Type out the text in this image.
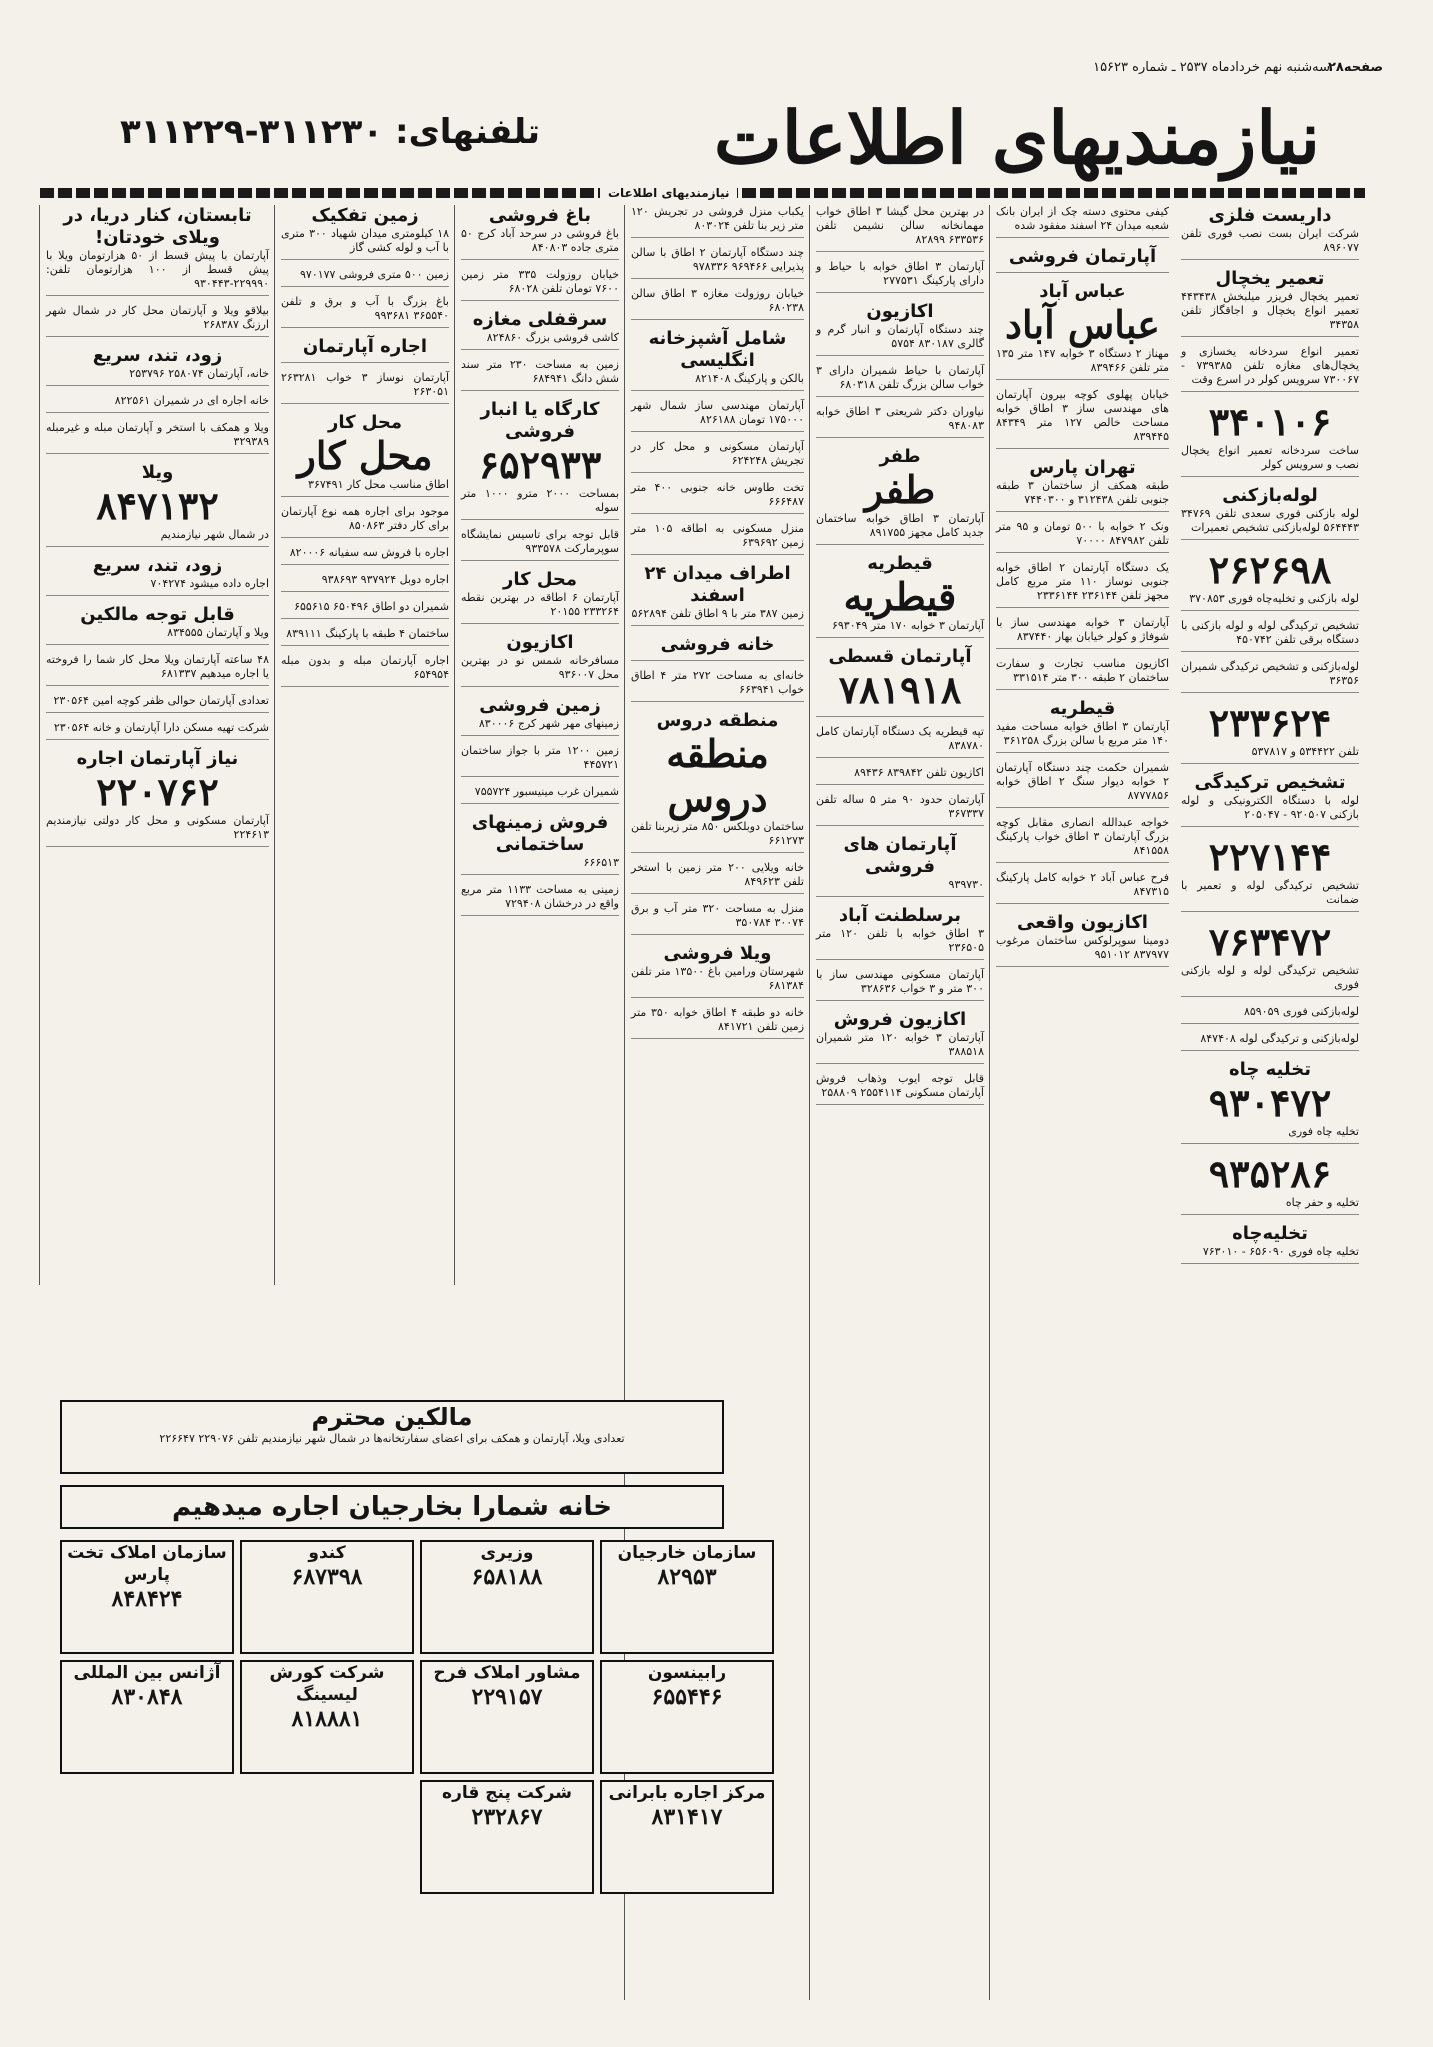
صفحه۲۸
سه‌شنبه نهم خردادماه ۲۵۳۷ ـ شماره ۱۵۶۲۳
نیازمندیهای اطلاعات
تلفنهای: ۳۱۱۲۳۰-۳۱۱۲۲۹
نیازمندیهای اطلاعات
داریست فلزی
شرکت ایران بست نصب فوری تلفن ۸۹۶۰۷۷
تعمیر یخچال
تعمیر یخچال فریزر میلبخش ۴۴۳۴۳۸ تعمیر انواع یخچال و اجاقگاز تلفن ۳۴۳۵۸
تعمیر انواع سردخانه یخسازی و یخچال‌های مغازه تلفن ۷۳۹۳۸۵ - ۷۳۰۰۶۷ سرویس کولر در اسرع وقت
۳۴۰۱۰۶
ساخت سردخانه تعمیر انواع یخچال نصب و سرویس کولر
لوله‌بازکنی
لوله بازکنی فوری سعدی تلفن ۳۴۷۶۹ ۵۶۴۴۴۳ لوله‌بازکنی تشخیص تعمیرات
۲۶۲۶۹۸
لوله بازکنی و تخلیه‌چاه فوری ۳۷۰۸۵۳
تشخیص ترکیدگی لوله و لوله بازکنی با دستگاه برقی تلفن ۴۵۰۷۴۲
لوله‌بازکنی و تشخیص ترکیدگی شمیران ۳۶۳۵۶
۲۳۳۶۲۴
تلفن ۵۳۴۴۲۲ و ۵۳۷۸۱۷
تشخیص ترکیدگی
لوله با دستگاه الکترونیکی و لوله بازکنی ۹۲۰۵۰۷ - ۲۰۵۰۴۷
۲۲۷۱۴۴
تشخیص ترکیدگی لوله و تعمیر با ضمانت
۷۶۳۴۷۲
تشخیص ترکیدگی لوله و لوله بازکنی فوری
لوله‌بازکنی فوری ۸۵۹۰۵۹
لوله‌بازکنی و ترکیدگی لوله ۸۴۷۴۰۸
تخلیه چاه
۹۳۰۴۷۲
تخلیه چاه فوری
۹۳۵۲۸۶
تخلیه و حفر چاه
تخلیه‌چاه
تخلیه چاه فوری ۶۵۶۰۹۰ - ۷۶۳۰۱۰
کیفی محتوی دسته چک از ایران بانک شعبه میدان ۲۴ اسفند مفقود شده
آپارتمان فروشی
عباس آباد
عباس آباد
مهناز ۲ دستگاه ۳ خوابه ۱۴۷ متر ۱۳۵ متر تلفن ۸۳۹۴۶۶
خیابان پهلوی کوچه بیرون آپارتمان های مهندسی ساز ۳ اطاق خوابه مساحت خالص ۱۲۷ متر ۸۴۳۴۹ ۸۳۹۴۴۵
تهران پارس
طبقه همکف از ساختمان ۳ طبقه جنوبی تلفن ۳۱۲۴۳۸ و ۷۴۴۰۳۰۰
ونک ۲ خوابه با ۵۰۰ تومان و ۹۵ متر تلفن ۸۴۷۹۸۲ ۷۰۰۰۰
یک دستگاه آپارتمان ۲ اطاق خوابه جنوبی نوساز ۱۱۰ متر مربع کامل مجهز تلفن ۲۳۶۱۴۴ ۲۳۳۶۱۴۴
آپارتمان ۳ خوابه مهندسی ساز با شوفاژ و کولر خیابان بهار ۸۳۷۴۴۰
اکازیون مناسب تجارت و سفارت ساختمان ۲ طبقه ۳۰۰ متر ۳۳۱۵۱۴
قیطریه
آپارتمان ۳ اطاق خوابه مساحت مفید ۱۴۰ متر مربع با سالن بزرگ ۳۶۱۲۵۸
شمیران حکمت چند دستگاه آپارتمان ۲ خوابه دیوار سنگ ۲ اطاق خوابه ۸۷۷۷۸۵۶
خواجه عبدالله انصاری مقابل کوچه بزرگ آپارتمان ۳ اطاق خواب پارکینگ ۸۴۱۵۵۸
فرح عباس آباد ۲ خوابه کامل پارکینگ ۸۴۷۳۱۵
اکازیون واقعی
دومینا سوپرلوکس ساختمان مرغوب ۸۳۷۹۷۷ ۹۵۱۰۱۲
در بهترین محل گیشا ۳ اطاق خواب مهمانخانه سالن نشیمن تلفن ۶۳۳۵۳۶ ۸۲۸۹۹
آپارتمان ۳ اطاق خوابه با حیاط و دارای پارکینگ ۲۷۷۵۳۱
اکازیون
چند دستگاه آپارتمان و انبار گرم و گالری ۸۳۰۱۸۷ ۵۷۵۴
آپارتمان با حیاط شمیران دارای ۳ خواب سالن بزرگ تلفن ۶۸۰۳۱۸
نیاوران دکتر شریعتی ۳ اطاق خوابه ۹۴۸۰۸۳
طفر
طفر
آپارتمان ۳ اطاق خوابه ساختمان جدید کامل مجهز ۸۹۱۷۵۵
قیطریه
قیطریه
آپارتمان ۳ خوابه ۱۷۰ متر ۶۹۳۰۴۹
آپارتمان قسطی
۷۸۱۹۱۸
تپه قیطریه یک دستگاه آپارتمان کامل ۸۳۸۷۸۰
اکازیون تلفن ۸۳۹۸۴۲ ۸۹۴۳۶
آپارتمان حدود ۹۰ متر ۵ ساله تلفن ۳۶۷۳۳۷
آپارتمان های فروشی
۹۳۹۷۳۰
برسلطنت آباد
۳ اطاق خوابه با تلفن ۱۲۰ متر ۲۳۶۵۰۵
آپارتمان مسکونی مهندسی ساز با ۳۰۰ متر و ۳ خواب ۳۲۸۶۳۶
اکازیون فروش
آپارتمان ۳ خوابه ۱۲۰ متر شمیران ۳۸۸۵۱۸
قابل توجه ایوب وذهاب فروش آپارتمان مسکونی ۲۵۵۴۱۱۴ ۲۵۸۸۰۹
یکباب منزل فروشی در تجریش ۱۲۰ متر زیر بنا تلفن ۸۰۳۰۲۴
چند دستگاه آپارتمان ۲ اطاق با سالن پذیرایی ۹۶۹۴۶۶ ۹۷۸۳۳۶
خیابان روزولت مغازه ۳ اطاق سالن ۶۸۰۲۳۸
شامل آشپزخانه انگلیسی
بالکن و پارکینگ ۸۲۱۴۰۸
آپارتمان مهندسی ساز شمال شهر ۱۷۵۰۰۰ تومان ۸۲۶۱۸۸
آپارتمان مسکونی و محل کار در تجریش ۶۲۴۲۴۸
تخت طاوس خانه جنوبی ۴۰۰ متر ۶۶۶۴۸۷
منزل مسکونی به اطاقه ۱۰۵ متر زمین ۶۳۹۶۹۲
اطراف میدان ۲۴ اسفند
زمین ۳۸۷ متر با ۹ اطاق تلفن ۵۶۲۸۹۴
خانه فروشی
خانه‌ای به مساحت ۲۷۲ متر ۴ اطاق خواب ۶۶۳۹۴۱
منطقه دروس
منطقه دروس
ساختمان دوبلکس ۸۵۰ متر زیربنا تلفن ۶۶۱۲۷۳
خانه ویلایی ۲۰۰ متر زمین با استخر تلفن ۸۴۹۶۲۳
منزل به مساحت ۳۲۰ متر آب و برق ۳۰۰۷۴ ۳۵۰۷۸۴
ویلا فروشی
شهرستان ورامین باغ ۱۳۵۰۰ متر تلفن ۶۸۱۳۸۴
خانه دو طبقه ۴ اطاق خوابه ۳۵۰ متر زمین تلفن ۸۴۱۷۲۱
باغ فروشی
باغ فروشی در سرحد آباد کرج ۵۰ متری جاده ۸۴۰۸۰۳
خیابان روزولت ۳۳۵ متر زمین ۷۶۰۰ تومان تلفن ۶۸۰۲۸
سرقفلی مغازه
کاشی فروشی بزرگ ۸۲۴۸۶۰
زمین به مساحت ۲۳۰ متر سند شش دانگ ۶۸۴۹۴۱
کارگاه یا انبار فروشی
۶۵۲۹۳۳
بمساحت ۲۰۰۰ مترو ۱۰۰۰ متر سوله
قابل توجه برای تاسیس نمایشگاه سوپرمارکت ۹۳۳۵۷۸
محل کار
آپارتمان ۶ اطاقه در بهترین نقطه ۲۳۳۲۶۴ ۲۰۱۵۵
اکازیون
مسافرخانه شمس نو در بهترین محل ۹۳۶۰۰۷
زمین فروشی
زمینهای مهر شهر کرج ۸۳۰۰۰۶
زمین ۱۲۰۰ متر با جواز ساختمان ۴۴۵۷۲۱
شمیران غرب مینیسبور ۷۵۵۷۲۴
فروش زمینهای ساختمانی
۶۶۶۵۱۳
زمینی به مساحت ۱۱۳۳ متر مربع واقع در درخشان ۷۲۹۴۰۸
زمین تفکیک
۱۸ کیلومتری میدان شهیاد ۳۰۰ متری با آب و لوله کشی گاز
زمین ۵۰۰ متری فروشی ۹۷۰۱۷۷
باغ بزرگ با آب و برق و تلفن ۳۶۵۵۴۰ ۹۹۳۶۸۱
اجاره آپارتمان
آپارتمان نوساز ۳ خواب ۲۶۳۲۸۱ ۲۶۳۰۵۱
محل کار
محل کار
اطاق مناسب محل کار ۳۶۷۴۹۱
موجود برای اجاره همه نوع آپارتمان برای کار دفتر ۸۵۰۸۶۳
اجاره با فروش سه سفیانه ۸۲۰۰۰۶
اجاره دوبل ۹۳۷۹۲۴ ۹۳۸۶۹۳
شمیران دو اطاق ۶۵۰۴۹۶ ۶۵۵۶۱۵
ساختمان ۴ طبقه با پارکینگ ۸۳۹۱۱۱
اجاره آپارتمان مبله و بدون مبله ۶۵۴۹۵۴
تابستان، کنار دریا، در ویلای خودتان!
آپارتمان با پیش قسط از ۵۰ هزارتومان ویلا با پیش قسط از ۱۰۰ هزارتومان تلفن: ۲۲۹۹۹۰-۹۳۰۴۴۳
بیلاقو ویلا و آپارتمان محل کار در شمال شهر ارزنگ ۲۶۸۳۸۷
زود، تند، سریع
خانه، آپارتمان ۲۵۸۰۷۴ ۲۵۳۷۹۶
خانه اجاره ای در شمیران ۸۲۲۵۶۱
ویلا و همکف با استخر و آپارتمان مبله و غیرمبله ۳۲۹۳۸۹
ویلا
۸۴۷۱۳۲
در شمال شهر نیازمندیم
زود، تند، سریع
اجاره داده میشود ۷۰۴۲۷۴
قابل توجه مالکین
ویلا و آپارتمان ۸۳۴۵۵۵
۴۸ ساعته آپارتمان ویلا محل کار شما را فروخته یا اجاره میدهیم ۶۸۱۳۳۷
تعدادی آپارتمان حوالی ظفر کوچه امین ۲۳۰۵۶۴
شرکت تهیه مسکن دارا آپارتمان و خانه ۲۳۰۵۶۴
نیاز آپارتمان اجاره
۲۲۰۷۶۲
آپارتمان مسکونی و محل کار دولتی نیازمندیم ۲۲۴۶۱۳
مالکین محترم
تعدادی ویلا، آپارتمان و همکف برای اعضای سفارتخانه‌ها در شمال شهر نیازمندیم تلفن ۲۲۹۰۷۶ ۲۲۶۶۴۷
خانه شمارا بخارجیان اجاره میدهیم
سازمان خارجیان
۸۲۹۵۳
وزیری
۶۵۸۱۸۸
کندو
۶۸۷۳۹۸
سازمان املاک تخت پارس
۸۴۸۴۲۴
رابینسون
۶۵۵۴۴۶
مشاور املاک فرح
۲۲۹۱۵۷
شرکت کورش لیسینگ
۸۱۸۸۸۱
آژانس بین المللی
۸۳۰۸۴۸
مرکز اجاره بابرانی
۸۳۱۴۱۷
شرکت پنج قاره
۲۳۲۸۶۷
